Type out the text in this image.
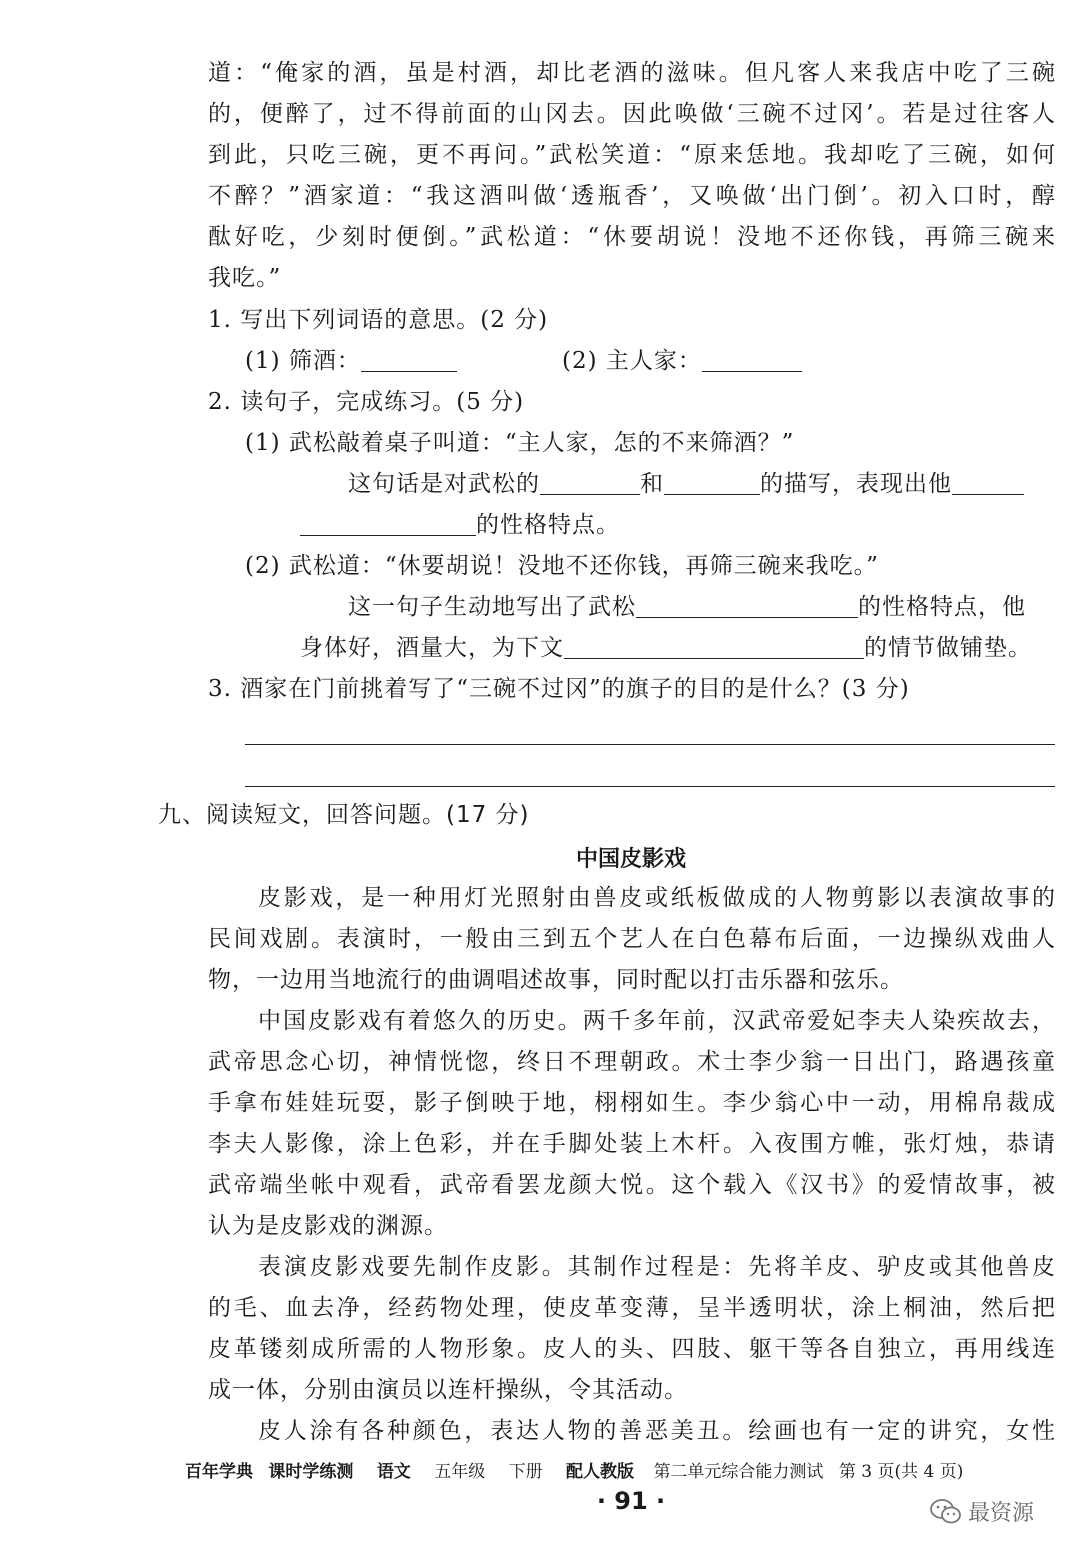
道：“俺家的酒，虽是村酒，却比老酒的滋味。但凡客人来我店中吃了三碗
的，便醉了，过不得前面的山冈去。因此唤做‘三碗不过冈’。若是过往客人
到此，只吃三碗，更不再问。”武松笑道：“原来恁地。我却吃了三碗，如何
不醉？”酒家道：“我这酒叫做‘透瓶香’，又唤做‘出门倒’。初入口时，醇
酞好吃，少刻时便倒。”武松道：“休要胡说！没地不还你钱，再筛三碗来
我吃。”
1. 写出下列词语的意思。(2 分)
(1) 筛酒：	(2) 主人家：
2. 读句子，完成练习。(5 分)
(1) 武松敲着桌子叫道：“主人家，怎的不来筛酒？”
这句话是对武松的	和	的描写，表现出他
的性格特点。
(2) 武松道：“休要胡说！没地不还你钱，再筛三碗来我吃。”
这一句子生动地写出了武松	的性格特点，他
身体好，酒量大，为下文	的情节做铺垫。
3. 酒家在门前挑着写了“三碗不过冈”的旗子的目的是什么？(3 分)
九、阅读短文，回答问题。(17 分)
中国皮影戏
皮影戏，是一种用灯光照射由兽皮或纸板做成的人物剪影以表演故事的
民间戏剧。表演时，一般由三到五个艺人在白色幕布后面，一边操纵戏曲人
物，一边用当地流行的曲调唱述故事，同时配以打击乐器和弦乐。
中国皮影戏有着悠久的历史。两千多年前，汉武帝爱妃李夫人染疾故去，
武帝思念心切，神情恍惚，终日不理朝政。术士李少翁一日出门，路遇孩童
手拿布娃娃玩耍，影子倒映于地，栩栩如生。李少翁心中一动，用棉帛裁成
李夫人影像，涂上色彩，并在手脚处装上木杆。入夜围方帷，张灯烛，恭请
武帝端坐帐中观看，武帝看罢龙颜大悦。这个载入《汉书》的爱情故事，被
认为是皮影戏的渊源。
表演皮影戏要先制作皮影。其制作过程是：先将羊皮、驴皮或其他兽皮
的毛、血去净，经药物处理，使皮革变薄，呈半透明状，涂上桐油，然后把
皮革镂刻成所需的人物形象。皮人的头、四肢、躯干等各自独立，再用线连
成一体，分别由演员以连杆操纵，令其活动。
皮人涂有各种颜色，表达人物的善恶美丑。绘画也有一定的讲究，女性
百年学典 课时学练测 语文 五年级 下册 配人教版 第二单元综合能力测试 第 3 页(共 4 页)
· 91 ·	最资源
